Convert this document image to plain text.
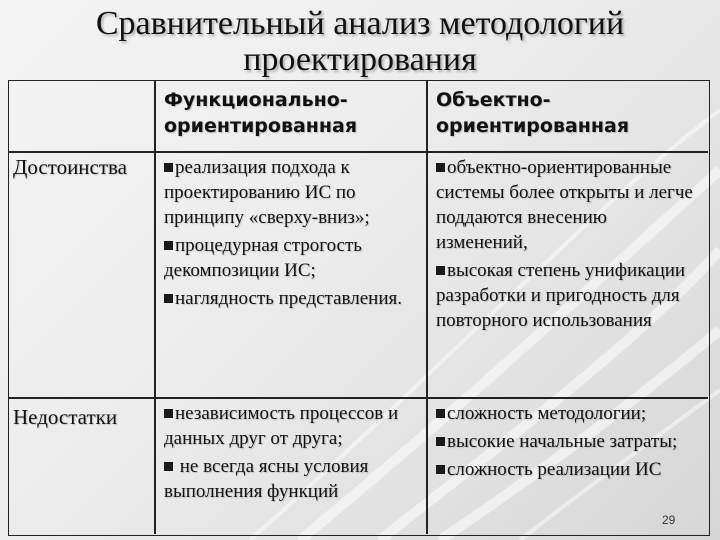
Сравнительный анализ методологий
проектирования
Функционально-
ориентированная
Объектно-
ориентированная
Достоинства	реализация подхода к проектированию ИС по принципу «сверху-вниз»;
процедурная строгость декомпозиции ИС;
наглядность представления.
объектно-ориентированные системы более открыты и легче поддаются внесению изменений,
высокая степень унификации разработки и пригодность для повторного использования
Недостатки	независимость процессов и данных друг от друга;
не всегда ясны условия выполнения функций
сложность методологии;
высокие начальные затраты;
сложность реализации ИС
29
